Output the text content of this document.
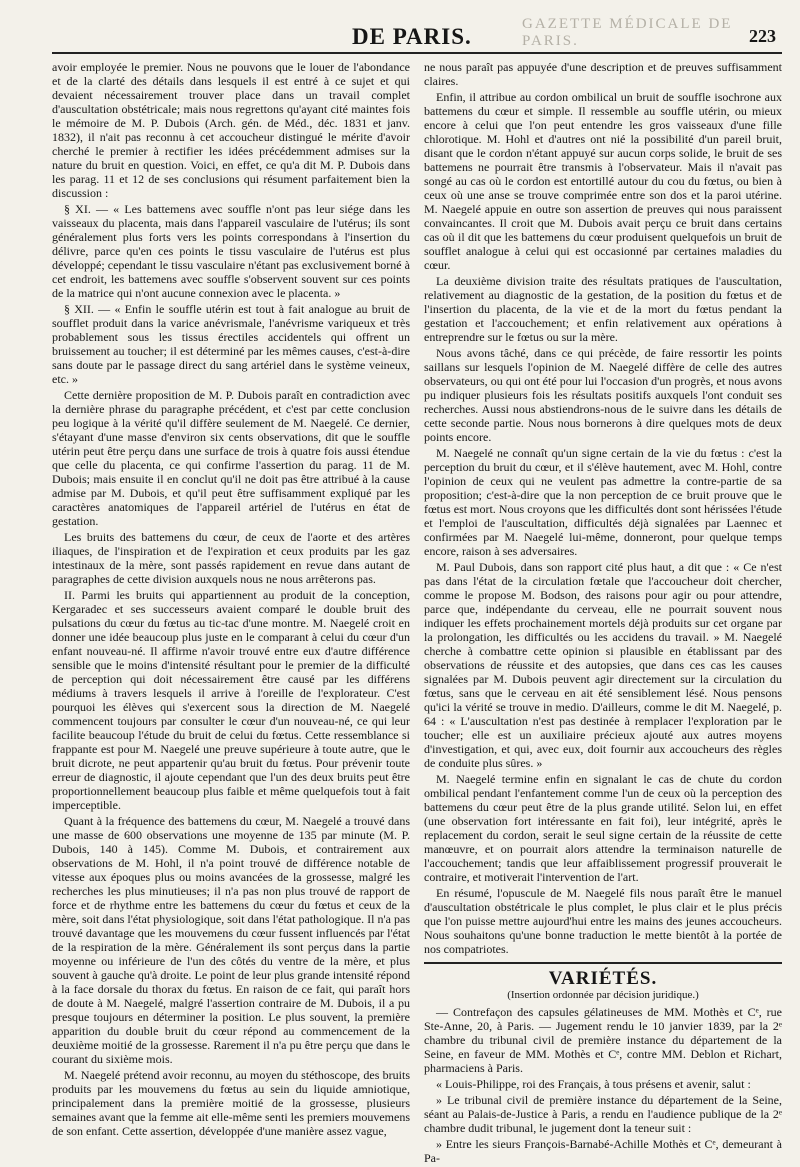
GAZETTE MÉDICALE DE PARIS.
DE PARIS.	223

avoir employée le premier. Nous ne pouvons que le louer de l'abondance et de la clarté des détails dans lesquels il est entré à ce sujet et qui devaient nécessairement trouver place dans un travail complet d'auscultation obstétricale; mais nous regrettons qu'ayant cité maintes fois le mémoire de M. P. Dubois (Arch. gén. de Méd., déc. 1831 et janv. 1832), il n'ait pas reconnu à cet accoucheur distingué le mérite d'avoir cherché le premier à rectifier les idées précédemment admises sur la nature du bruit en question. Voici, en effet, ce qu'a dit M. P. Dubois dans les parag. 11 et 12 de ses conclusions qui résument parfaitement bien la discussion :

§ XI. — « Les battemens avec souffle n'ont pas leur siége dans les vaisseaux du placenta, mais dans l'appareil vasculaire de l'utérus; ils sont généralement plus forts vers les points correspondans à l'insertion du délivre, parce qu'en ces points le tissu vasculaire de l'utérus est plus développé; cependant le tissu vasculaire n'étant pas exclusivement borné à cet endroit, les battemens avec souffle s'observent souvent sur ces points de la matrice qui n'ont aucune connexion avec le placenta. »

§ XII. — « Enfin le souffle utérin est tout à fait analogue au bruit de soufflet produit dans la varice anévrismale, l'anévrisme variqueux et très probablement sous les tissus érectiles accidentels qui offrent un bruissement au toucher; il est déterminé par les mêmes causes, c'est-à-dire sans doute par le passage direct du sang artériel dans le système veineux, etc. »

Cette dernière proposition de M. P. Dubois paraît en contradiction avec la dernière phrase du paragraphe précédent, et c'est par cette conclusion peu logique à la vérité qu'il diffère seulement de M. Naegelé. Ce dernier, s'étayant d'une masse d'environ six cents observations, dit que le souffle utérin peut être perçu dans une surface de trois à quatre fois aussi étendue que celle du placenta, ce qui confirme l'assertion du parag. 11 de M. Dubois; mais ensuite il en conclut qu'il ne doit pas être attribué à la cause admise par M. Dubois, et qu'il peut être suffisamment expliqué par les caractères anatomiques de l'appareil artériel de l'utérus en état de gestation.

Les bruits des battemens du cœur, de ceux de l'aorte et des artères iliaques, de l'inspiration et de l'expiration et ceux produits par les gaz intestinaux de la mère, sont passés rapidement en revue dans autant de paragraphes de cette division auxquels nous ne nous arrêterons pas.

II. Parmi les bruits qui appartiennent au produit de la conception, Kergaradec et ses successeurs avaient comparé le double bruit des pulsations du cœur du fœtus au tic-tac d'une montre. M. Naegelé croit en donner une idée beaucoup plus juste en le comparant à celui du cœur d'un enfant nouveau-né. Il affirme n'avoir trouvé entre eux d'autre différence sensible que le moins d'intensité résultant pour le premier de la difficulté de perception qui doit nécessairement être causé par les différens médiums à travers lesquels il arrive à l'oreille de l'explorateur. C'est pourquoi les élèves qui s'exercent sous la direction de M. Naegelé commencent toujours par consulter le cœur d'un nouveau-né, ce qui leur facilite beaucoup l'étude du bruit de celui du fœtus. Cette ressemblance si frappante est pour M. Naegelé une preuve supérieure à toute autre, que le bruit dicrote, ne peut appartenir qu'au bruit du fœtus. Pour prévenir toute erreur de diagnostic, il ajoute cependant que l'un des deux bruits peut être proportionnellement beaucoup plus faible et même quelquefois tout à fait imperceptible.

Quant à la fréquence des battemens du cœur, M. Naegelé a trouvé dans une masse de 600 observations une moyenne de 135 par minute (M. P. Dubois, 140 à 145). Comme M. Dubois, et contrairement aux observations de M. Hohl, il n'a point trouvé de différence notable de vitesse aux époques plus ou moins avancées de la grossesse, malgré les recherches les plus minutieuses; il n'a pas non plus trouvé de rapport de force et de rhythme entre les battemens du cœur du fœtus et ceux de la mère, soit dans l'état physiologique, soit dans l'état pathologique. Il n'a pas trouvé davantage que les mouvemens du cœur fussent influencés par l'état de la respiration de la mère. Généralement ils sont perçus dans la partie moyenne ou inférieure de l'un des côtés du ventre de la mère, et plus souvent à gauche qu'à droite. Le point de leur plus grande intensité répond à la face dorsale du thorax du fœtus. En raison de ce fait, qui paraît hors de doute à M. Naegelé, malgré l'assertion contraire de M. Dubois, il a pu presque toujours en déterminer la position. Le plus souvent, la première apparition du double bruit du cœur répond au commencement de la deuxième moitié de la grossesse. Rarement il n'a pu être perçu que dans le courant du sixième mois.

M. Naegelé prétend avoir reconnu, au moyen du stéthoscope, des bruits produits par les mouvemens du fœtus au sein du liquide amniotique, principalement dans la première moitié de la grossesse, plusieurs semaines avant que la femme ait elle-même senti les premiers mouvemens de son enfant. Cette assertion, développée d'une manière assez vague,

ne nous paraît pas appuyée d'une description et de preuves suffisamment claires.

Enfin, il attribue au cordon ombilical un bruit de souffle isochrone aux battemens du cœur et simple. Il ressemble au souffle utérin, ou mieux encore à celui que l'on peut entendre les gros vaisseaux d'une fille chlorotique. M. Hohl et d'autres ont nié la possibilité d'un pareil bruit, disant que le cordon n'étant appuyé sur aucun corps solide, le bruit de ses battemens ne pourrait être transmis à l'observateur. Mais il n'avait pas songé au cas où le cordon est entortillé autour du cou du fœtus, ou bien à ceux où une anse se trouve comprimée entre son dos et la paroi utérine. M. Naegelé appuie en outre son assertion de preuves qui nous paraissent convaincantes. Il croit que M. Dubois avait perçu ce bruit dans certains cas où il dit que les battemens du cœur produisent quelquefois un bruit de soufflet analogue à celui qui est occasionné par certaines maladies du cœur.

La deuxième division traite des résultats pratiques de l'auscultation, relativement au diagnostic de la gestation, de la position du fœtus et de l'insertion du placenta, de la vie et de la mort du fœtus pendant la gestation et l'accouchement; et enfin relativement aux opérations à entreprendre sur le fœtus ou sur la mère.

Nous avons tâché, dans ce qui précède, de faire ressortir les points saillans sur lesquels l'opinion de M. Naegelé diffère de celle des autres observateurs, ou qui ont été pour lui l'occasion d'un progrès, et nous avons pu indiquer plusieurs fois les résultats positifs auxquels l'ont conduit ses recherches. Aussi nous abstiendrons-nous de le suivre dans les détails de cette seconde partie. Nous nous bornerons à dire quelques mots de deux points encore.

M. Naegelé ne connaît qu'un signe certain de la vie du fœtus : c'est la perception du bruit du cœur, et il s'élève hautement, avec M. Hohl, contre l'opinion de ceux qui ne veulent pas admettre la contre-partie de sa proposition; c'est-à-dire que la non perception de ce bruit prouve que le fœtus est mort. Nous croyons que les difficultés dont sont hérissées l'étude et l'emploi de l'auscultation, difficultés déjà signalées par Laennec et confirmées par M. Naegelé lui-même, donneront, pour quelque temps encore, raison à ses adversaires.

M. Paul Dubois, dans son rapport cité plus haut, a dit que : « Ce n'est pas dans l'état de la circulation fœtale que l'accoucheur doit chercher, comme le propose M. Bodson, des raisons pour agir ou pour attendre, parce que, indépendante du cerveau, elle ne pourrait souvent nous indiquer les effets prochainement mortels déjà produits sur cet organe par la prolongation, les difficultés ou les accidens du travail. » M. Naegelé cherche à combattre cette opinion si plausible en établissant par des observations de réussite et des autopsies, que dans ces cas les causes signalées par M. Dubois peuvent agir directement sur la circulation du fœtus, sans que le cerveau en ait été sensiblement lésé. Nous pensons qu'ici la vérité se trouve in medio. D'ailleurs, comme le dit M. Naegelé, p. 64 : « L'auscultation n'est pas destinée à remplacer l'exploration par le toucher; elle est un auxiliaire précieux ajouté aux autres moyens d'investigation, et qui, avec eux, doit fournir aux accoucheurs des règles de conduite plus sûres. »

M. Naegelé termine enfin en signalant le cas de chute du cordon ombilical pendant l'enfantement comme l'un de ceux où la perception des battemens du cœur peut être de la plus grande utilité. Selon lui, en effet (une observation fort intéressante en fait foi), leur intégrité, après le replacement du cordon, serait le seul signe certain de la réussite de cette manœuvre, et on pourrait alors attendre la terminaison naturelle de l'accouchement; tandis que leur affaiblissement progressif prouverait le contraire, et motiverait l'intervention de l'art.

En résumé, l'opuscule de M. Naegelé fils nous paraît être le manuel d'auscultation obstétricale le plus complet, le plus clair et le plus précis que l'on puisse mettre aujourd'hui entre les mains des jeunes accoucheurs. Nous souhaitons qu'une bonne traduction le mette bientôt à la portée de nos compatriotes.

VARIÉTÉS.
(Insertion ordonnée par décision juridique.)

— Contrefaçon des capsules gélatineuses de MM. Mothès et Cᵉ, rue Ste-Anne, 20, à Paris. — Jugement rendu le 10 janvier 1839, par la 2ᵉ chambre du tribunal civil de première instance du département de la Seine, en faveur de MM. Mothès et Cᵉ, contre MM. Deblon et Richart, pharmaciens à Paris.

« Louis-Philippe, roi des Français, à tous présens et avenir, salut :

» Le tribunal civil de première instance du département de la Seine, séant au Palais-de-Justice à Paris, a rendu en l'audience publique de la 2ᵉ chambre dudit tribunal, le jugement dont la teneur suit :

» Entre les sieurs François-Barnabé-Achille Mothès et Cᵉ, demeurant à Pa-
